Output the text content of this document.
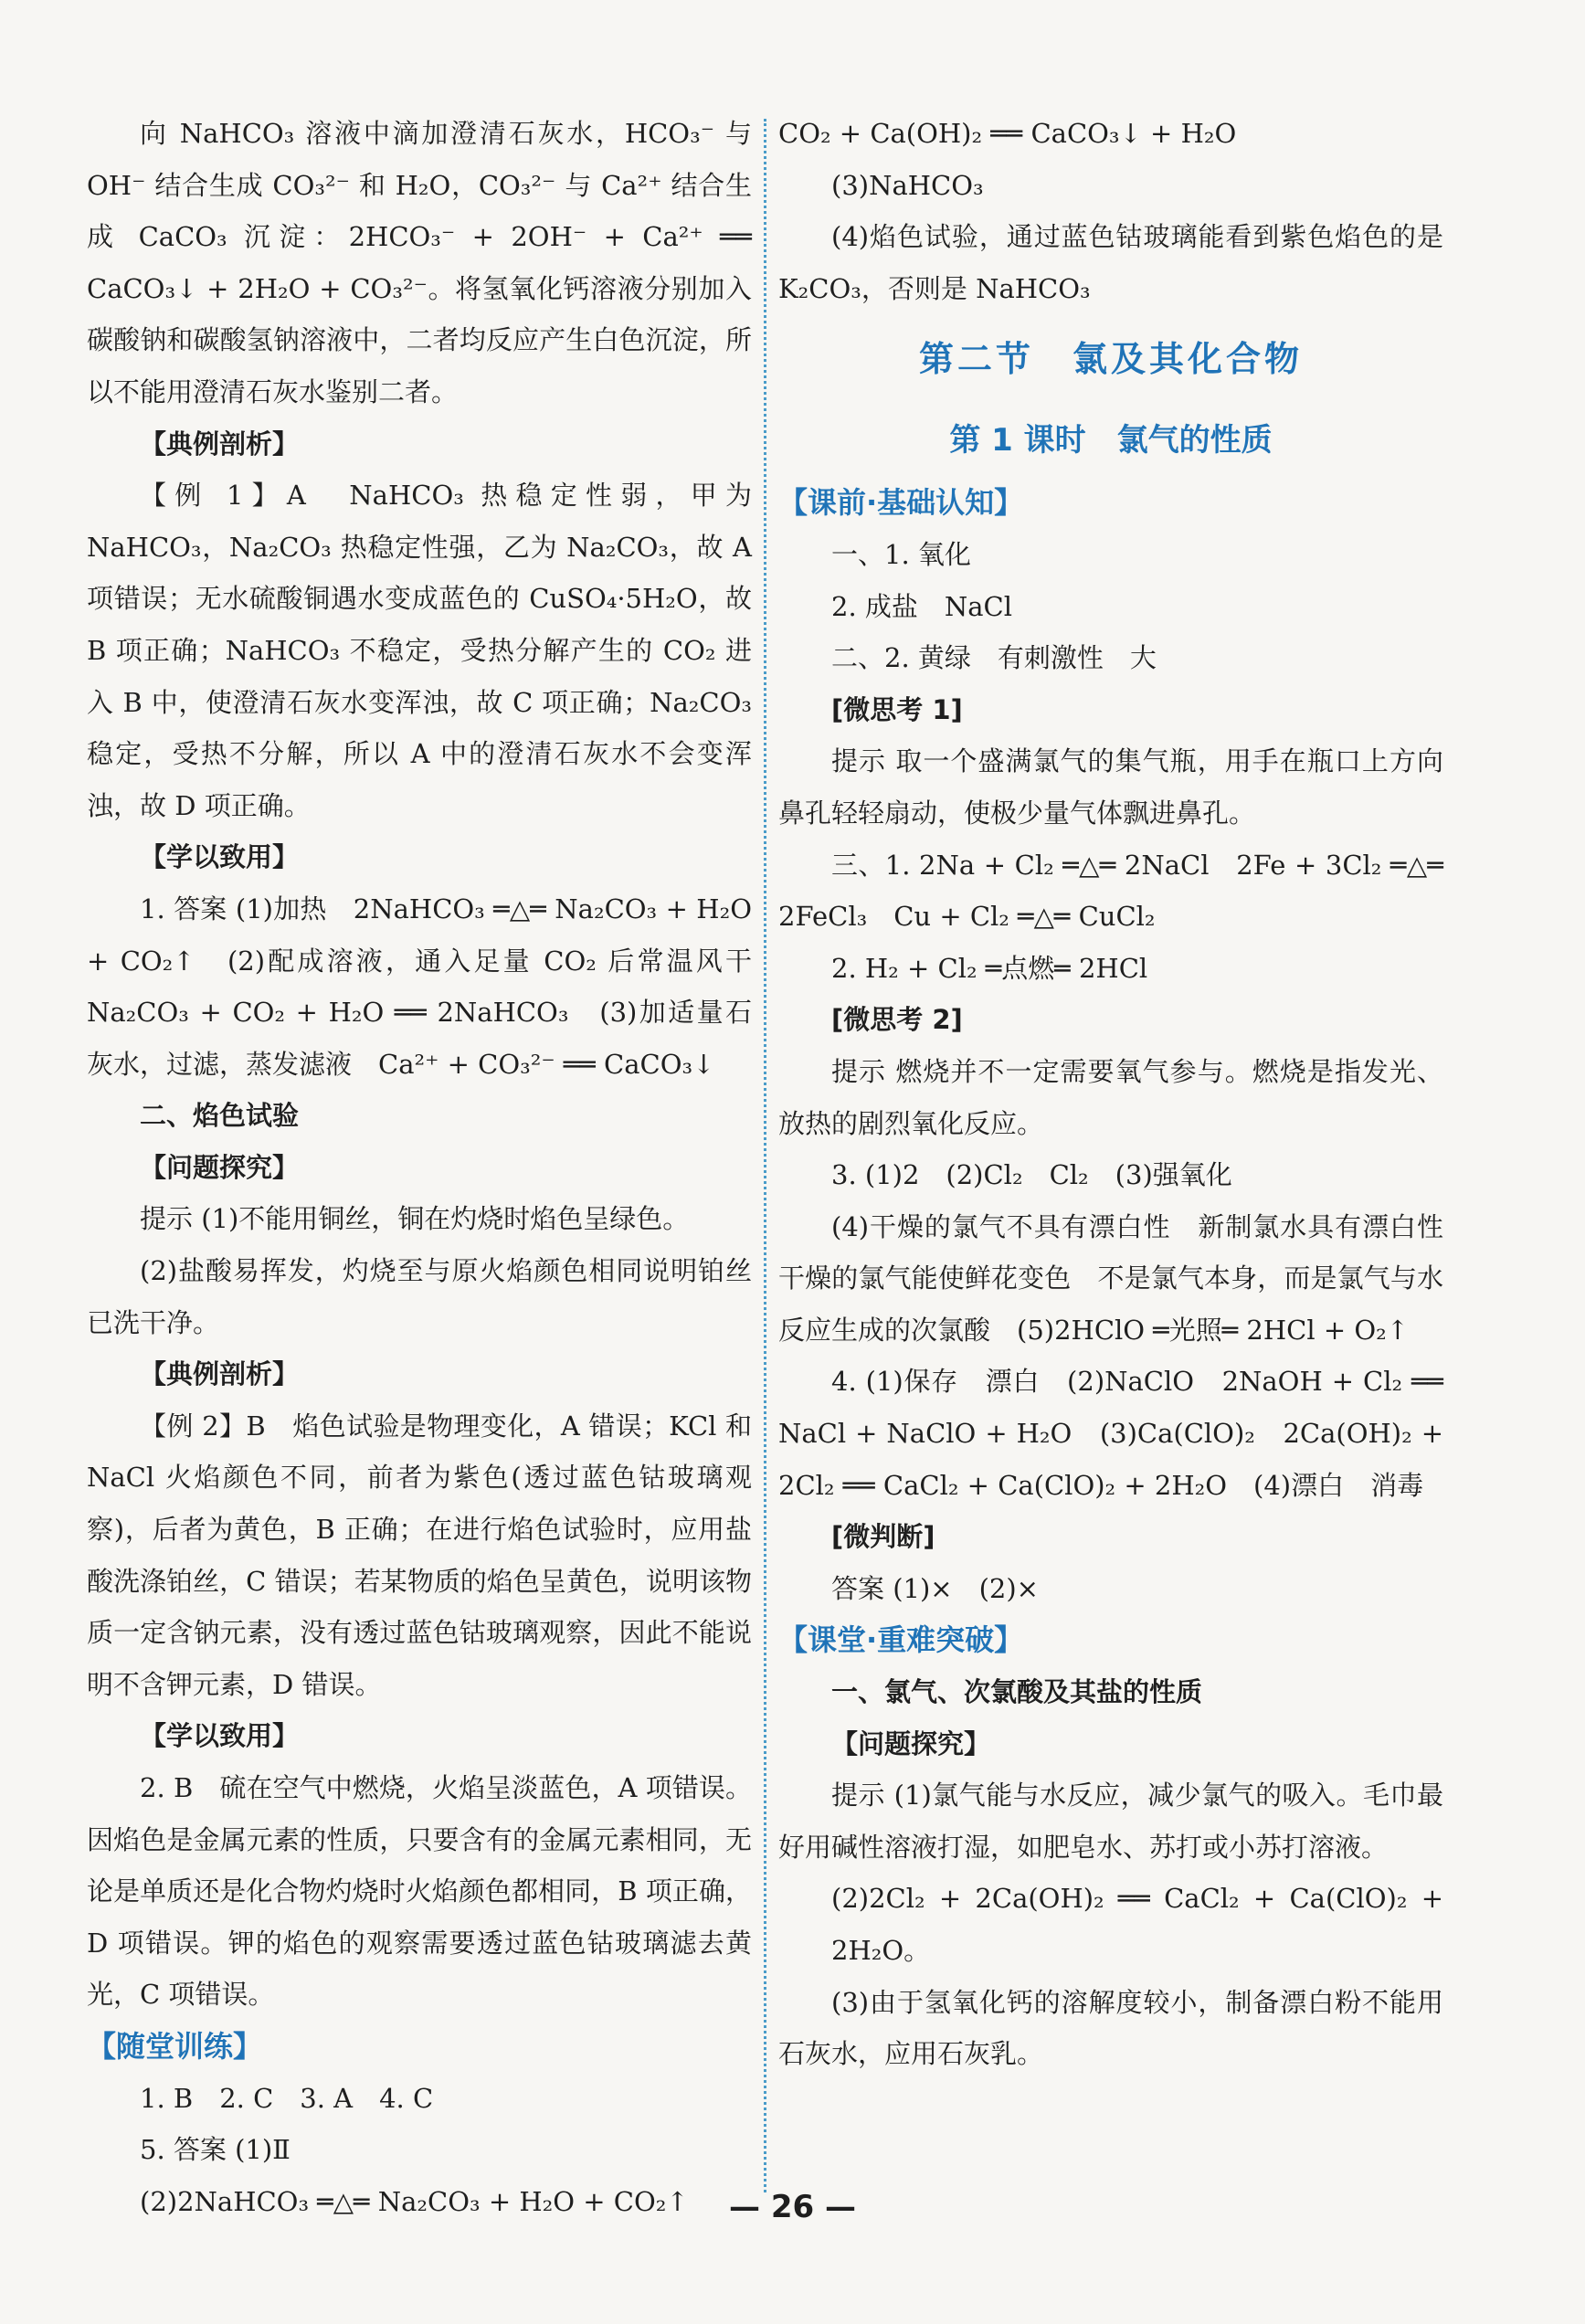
向 NaHCO₃ 溶液中滴加澄清石灰水，HCO₃⁻ 与 OH⁻ 结合生成 CO₃²⁻ 和 H₂O，CO₃²⁻ 与 Ca²⁺ 结合生成 CaCO₃ 沉淀：2HCO₃⁻ + 2OH⁻ + Ca²⁺ ══ CaCO₃↓ + 2H₂O + CO₃²⁻。将氢氧化钙溶液分别加入碳酸钠和碳酸氢钠溶液中，二者均反应产生白色沉淀，所以不能用澄清石灰水鉴别二者。

【典例剖析】

【例 1】A　NaHCO₃ 热稳定性弱，甲为 NaHCO₃，Na₂CO₃ 热稳定性强，乙为 Na₂CO₃，故 A 项错误；无水硫酸铜遇水变成蓝色的 CuSO₄·5H₂O，故 B 项正确；NaHCO₃ 不稳定，受热分解产生的 CO₂ 进入 B 中，使澄清石灰水变浑浊，故 C 项正确；Na₂CO₃ 稳定，受热不分解，所以 A 中的澄清石灰水不会变浑浊，故 D 项正确。

【学以致用】

1. 答案 (1)加热　2NaHCO₃ ═△═ Na₂CO₃ + H₂O + CO₂↑　(2)配成溶液，通入足量 CO₂ 后常温风干　Na₂CO₃ + CO₂ + H₂O ══ 2NaHCO₃　(3)加适量石灰水，过滤，蒸发滤液　Ca²⁺ + CO₃²⁻ ══ CaCO₃↓

二、焰色试验

【问题探究】

提示 (1)不能用铜丝，铜在灼烧时焰色呈绿色。

(2)盐酸易挥发，灼烧至与原火焰颜色相同说明铂丝已洗干净。

【典例剖析】

【例 2】B　焰色试验是物理变化，A 错误；KCl 和 NaCl 火焰颜色不同，前者为紫色(透过蓝色钴玻璃观察)，后者为黄色，B 正确；在进行焰色试验时，应用盐酸洗涤铂丝，C 错误；若某物质的焰色呈黄色，说明该物质一定含钠元素，没有透过蓝色钴玻璃观察，因此不能说明不含钾元素，D 错误。

【学以致用】

2. B　硫在空气中燃烧，火焰呈淡蓝色，A 项错误。因焰色是金属元素的性质，只要含有的金属元素相同，无论是单质还是化合物灼烧时火焰颜色都相同，B 项正确，D 项错误。钾的焰色的观察需要透过蓝色钴玻璃滤去黄光，C 项错误。

【随堂训练】

1. B　2. C　3. A　4. C

5. 答案 (1)Ⅱ

(2)2NaHCO₃ ═△═ Na₂CO₃ + H₂O + CO₂↑

CO₂ + Ca(OH)₂ ══ CaCO₃↓ + H₂O

(3)NaHCO₃

(4)焰色试验，通过蓝色钴玻璃能看到紫色焰色的是 K₂CO₃，否则是 NaHCO₃

第二节　氯及其化合物
第 1 课时　氯气的性质

【课前·基础认知】

一、1. 氧化

2. 成盐　NaCl

二、2. 黄绿　有刺激性　大

[微思考 1]

提示 取一个盛满氯气的集气瓶，用手在瓶口上方向鼻孔轻轻扇动，使极少量气体飘进鼻孔。

三、1. 2Na + Cl₂ ═△═ 2NaCl　2Fe + 3Cl₂ ═△═ 2FeCl₃　Cu + Cl₂ ═△═ CuCl₂

2. H₂ + Cl₂ ═点燃═ 2HCl

[微思考 2]

提示 燃烧并不一定需要氧气参与。燃烧是指发光、放热的剧烈氧化反应。

3. (1)2　(2)Cl₂　Cl₂　(3)强氧化

(4)干燥的氯气不具有漂白性　新制氯水具有漂白性　干燥的氯气能使鲜花变色　不是氯气本身，而是氯气与水反应生成的次氯酸　(5)2HClO ═光照═ 2HCl + O₂↑

4. (1)保存　漂白　(2)NaClO　2NaOH + Cl₂ ══ NaCl + NaClO + H₂O　(3)Ca(ClO)₂　2Ca(OH)₂ + 2Cl₂ ══ CaCl₂ + Ca(ClO)₂ + 2H₂O　(4)漂白　消毒

[微判断]

答案 (1)×　(2)×

【课堂·重难突破】

一、氯气、次氯酸及其盐的性质

【问题探究】

提示 (1)氯气能与水反应，减少氯气的吸入。毛巾最好用碱性溶液打湿，如肥皂水、苏打或小苏打溶液。

(2)2Cl₂ + 2Ca(OH)₂ ══ CaCl₂ + Ca(ClO)₂ + 2H₂O。

(3)由于氢氧化钙的溶解度较小，制备漂白粉不能用石灰水，应用石灰乳。

— 26 —
